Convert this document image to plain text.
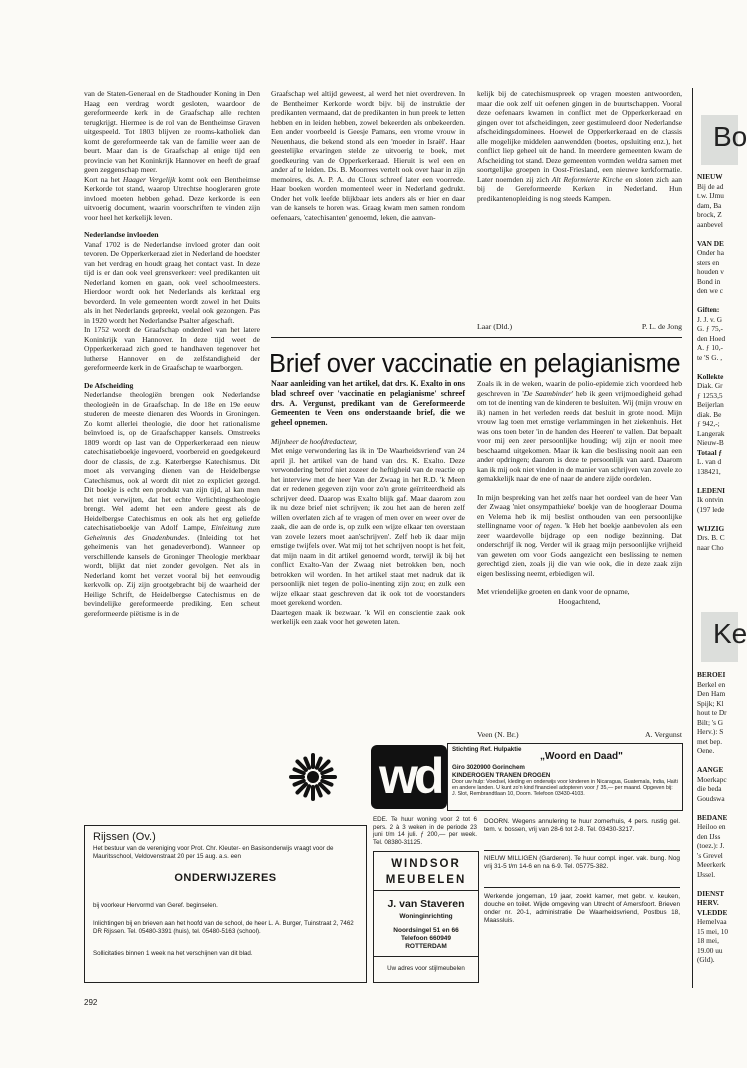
van de Staten-Generaal en de Stadhouder Koning in Den Haag een verdrag wordt gesloten, waardoor de gereformeerde kerk in de Graafschap alle rechten terugkrijgt. Hiermee is de rol van de Bentheimse Graven uitgespeeld. Tot 1803 blijven ze rooms-katholiek dan komt de gereformeerde tak van de familie weer aan de beurt. Maar dan is de Graafschap al enige tijd een provincie van het Koninkrijk Hannover en heeft de graaf geen zeggenschap meer.

Kort na het Haager Vergelijk komt ook een Bentheimse Kerkorde tot stand, waarop Utrechtse hoogleraren grote invloed moeten hebben gehad. Deze kerkorde is een uitvoerig document, waarin voorschriften te vinden zijn voor heel het kerkelijk leven.

Nederlandse invloeden

Vanaf 1702 is de Nederlandse invloed groter dan ooit tevoren. De Opperkerkeraad ziet in Nederland de hoedster van het verdrag en houdt graag het contact vast. In deze tijd is er dan ook veel grensverkeer: veel predikanten uit Nederland komen en gaan, ook veel schoolmeesters. Hierdoor wordt ook het Nederlands als kerktaal erg bevorderd. In vele gemeenten wordt zowel in het Duits als in het Nederlands gepreekt, veelal ook gezongen. Pas in 1920 wordt het Nederlandse Psalter afgeschaft.

In 1752 wordt de Graafschap onderdeel van het latere Koninkrijk van Hannover. In deze tijd weet de Opperkerkeraad zich goed te handhaven tegenover het lutherse Hannover en de zelfstandigheid der gereformeerde kerk in de Graafschap te waarborgen.

De Afscheiding

Nederlandse theologiën brengen ook Nederlandse theologieën in de Graafschap. In de 18e en 19e eeuw studeren de meeste dienaren des Woords in Groningen. Zo komt allerlei theologie, die door het rationalisme beïnvloed is, op de Graafschapper kansels. Omstreeks 1809 wordt op last van de Opperkerkeraad een nieuw catechisatieboekje ingevoerd, voorbereid en goedgekeurd door de classis, de z.g. Katerbergse Katechismus. Dit moet als vervanging dienen van de Heidelbergse Catechismus, ook al wordt dit niet zo expliciet gezegd. Dit boekje is echt een produkt van zijn tijd, al kan men het niet verwijten, dat het echte Verlichtingstheologie brengt. Wel ademt het een andere geest als de Heidelbergse Catechismus en ook als het erg geliefde catechisatieboekje van Adolf Lampe, Einleitung zum Geheimnis des Gnadenbundes. (Inleiding tot het geheimenis van het genadeverbond). Wanneer op verschillende kansels de Groninger Theologie merkbaar wordt, blijkt dat niet zonder gevolgen. Net als in Nederland komt het verzet vooral bij het eenvoudig kerkvolk op. Zij zijn grootgebracht bij de waarheid der Heilige Schrift, de Heidelbergse Catechismus en de bevindelijke gereformeerde prediking. Een scheut gereformeerde piëtisme is in de

Graafschap wel altijd geweest, al werd het niet overdreven. In de Bentheimer Kerkorde wordt bijv. bij de instruktie der predikanten vermaand, dat de predikanten in hun preek te letten hebben en in leiden hebben, zowel bekeerden als onbekeerden. Een ander voorbeeld is Geesje Pamans, een vrome vrouw in Neuenhaus, die bekend stond als een 'moeder in Israël'. Haar geestelijke ervaringen stelde ze uitvoerig te boek, met goedkeuring van de Opperkerkeraad. Hieruit is wel een en ander af te leiden. Ds. B. Moorrees vertelt ook over haar in zijn memoires, ds. A. P. A. du Cloux schreef later een voorrede. Haar boeken worden momenteel weer in Nederland gedrukt. Onder het volk leefde blijkbaar iets anders als er hier en daar van de kansels te horen was. Graag kwam men samen rondom oefenaars, 'catechisanten' genoemd, leken, die aanvan-

kelijk bij de catechismuspreek op vragen moesten antwoorden, maar die ook zelf uit oefenen gingen in de buurtschappen. Vooral deze oefenaars kwamen in conflict met de Opperkerkeraad en gingen over tot afscheidingen, zeer gestimuleerd door Nederlandse afscheidingsdominees. Hoewel de Opperkerkeraad en de classis alle mogelijke middelen aanwendden (boetes, opsluiting enz.), het conflict liep geheel uit de hand. In meerdere gemeenten kwam de Afscheiding tot stand. Deze gemeenten vormden weldra samen met soortgelijke groepen in Oost-Friesland, een nieuwe kerkformatie. Later noemden zij zich Alt Reformierte Kirche en sloten zich aan bij de Gereformeerde Kerken in Nederland. Hun predikantenopleiding is nog steeds Kampen.

Laar (Dld.)	P. L. de Jong
Brief over vaccinatie en pelagianisme

Naar aanleiding van het artikel, dat drs. K. Exalto in ons blad schreef over 'vaccinatie en pelagianisme' schreef drs. A. Vergunst, predikant van de Gereformeerde Gemeenten te Veen ons onderstaande brief, die we geheel opnemen.

Mijnheer de hoofdredacteur,

Met enige verwondering las ik in 'De Waarheidsvriend' van 24 april jl. het artikel van de hand van drs. K. Exalto. Deze verwondering betrof niet zozeer de heftigheid van de reactie op het interview met de heer Van der Zwaag in het R.D. 'k Meen dat er redenen gegeven zijn voor zo'n grote geïrriteerdheid als schrijver deed. Daarop was Exalto blijk gaf. Maar daarom zou ik nu deze brief niet schrijven; ik zou het aan de heren zelf willen overlaten zich af te vragen of men over en weer over de zaak, die aan de orde is, op zulk een wijze elkaar ten overstaan van zovele lezers moet aan'schrijven'. Zelf heb ik daar mijn ernstige twijfels over. Wat mij tot het schrijven noopt is het feit, dat mijn naam in dit artikel genoemd wordt, terwijl ik bij het conflict Exalto-Van der Zwaag niet betrokken ben, noch betrokken wil worden. In het artikel staat met nadruk dat ik persoonlijk niet tegen de polio-inenting zijn zou; en zulk een wijze elkaar staat geschreven dat ik ook tot de voorstanders moet gerekend worden.

Daartegen maak ik bezwaar. 'k Wil en conscientie zaak ook werkelijk een zaak voor het geweten laten.

Zoals ik in de weken, waarin de polio-epidemie zich voordeed heb geschreven in 'De Saambinder' heb ik geen vrijmoedigheid gehad om tot de inenting van de kinderen te besluiten. Wij (mijn vrouw en ik) namen in het verleden reeds dat besluit in grote nood. Mijn vrouw lag toen met ernstige verlammingen in het ziekenhuis. Het was ons toen beter 'in de handen des Heeren' te vallen. Dat bepaalt voor mij een zeer persoonlijke houding; wij zijn er nooit mee beschaamd uitgekomen. Maar ik kan die beslissing nooit aan een ander opdringen; daarom is deze te persoonlijk van aard. Daarom kan ik mij ook niet vinden in de manier van schrijven van zovele zo gemakkelijk naar de ene of naar de andere zijde oordelen.

In mijn bespreking van het zelfs naar het oordeel van de heer Van der Zwaag 'niet onsympathieke' boekje van de hoogleraar Douma en Velema heb ik mij beslist onthouden van een persoonlijke stellingname voor of tegen. 'k Heb het boekje aanbevolen als een zeer waardevolle bijdrage op een nodige bezinning. Dat onderschrijf ik nog. Verder wil ik graag mijn persoonlijke vrijheid van geweten om voor Gods aangezicht een beslissing te nemen gerechtigd zien, zoals jij die van wie ook, die in deze zaak zijn eigen beslissing neemt, erbiedigen wil.

Met vriendelijke groeten en dank voor de opname,

Hoogachtend,

Veen (N. Br.)	A. Vergunst
wd Stichting Ref. Hulpaktie
„Woord en Daad"
Giro 3020900 Gorinchem
KINDEROGEN TRANEN DROGEN
Door uw hulp: Voedsel, kleding en onderwijs voor kinderen in Nicaragua, Guatemala, India, Haïti en andere landen. U kunt zo'n kind financieel adopteren voor ƒ 35,— per maand. Opgeven bij: J. Slot, Rembrandtlaan 10, Doorn. Telefoon 03430-4103.
EDE. Te huur woning voor 2 tot 6 pers. 2 à 3 weken in de periode 23 juni t/m 14 juli. ƒ 200,— per week. Tel. 08380-31125.
WINDSOR
MEUBELEN
J. van Staveren
Woninginrichting
Noordsingel 51 en 66
Telefoon 660949
ROTTERDAM
Uw adres voor stijlmeubelen
Rijssen (Ov.)
Het bestuur van de vereniging voor Prot. Chr. Kleuter- en Basisonderwijs vraagt voor de Mauritsschool, Veldovenstraat 20 per 15 aug. a.s. een
ONDERWIJZERES
bij voorkeur Hervormd van Geref. beginselen.
Inlichtingen bij en brieven aan het hoofd van de school, de heer L. A. Burger, Tuinstraat 2, 7462 DR Rijssen. Tel. 05480-3391 (huis), tel. 05480-5163 (school).
Sollicitaties binnen 1 week na het verschijnen van dit blad.
DOORN. Wegens annulering te huur zomerhuis, 4 pers. rustig gel. tem. v. bossen, vrij van 28-6 tot 2-8. Tel. 03430-3217.
NIEUW MILLIGEN (Garderen). Te huur compl. inger. vak. bung. Nog vrij 31-5 t/m 14-6 en na 6-9. Tel. 05775-382.
Werkende jongeman, 19 jaar, zoekt kamer, met gebr. v. keuken, douche en toilet. Wijde omgeving van Utrecht of Amersfoort. Brieven onder nr. 20-1, administratie De Waarheidsvriend, Postbus 18, Maassluis.
292
Bo
NIEUW
Bij de ad
t.w. IJmu
dam, Ba
brock, Z
aanbevel

VAN DE
Onder ha
sters en
houden v
Bond in
den we c

Giften:
J. J. v. G
G. ƒ 75,-
den Hoed
A. ƒ 10,-
te 'S G. ,

Kollekte
Diak. Gr
ƒ 1253,5
Beijerlan
diak. Be
ƒ 942,-;
Langerak
Nieuw-B
Totaal ƒ
L. van d
138421,

LEDENI
Ik ontvin
(197 lede

WIJZIG
Drs. B. C
naar Cho
Ke
BEROEI
Berkel en
Den Ham
Spijk; Kl
hout te Dr
Bilt; 's G
Herv.): S
met bep.
Oene.

AANGE
Moerkapc
die beda
Goudswa

BEDANE
Heiloo en
den IJss
(toez.): J.
's Grevel
Meerkerk
IJssel.

DIENST
HERV.
VLEDDE
Hemelvaa
15 mei, 10
18 mei,
19.00 uu
(Gld).
